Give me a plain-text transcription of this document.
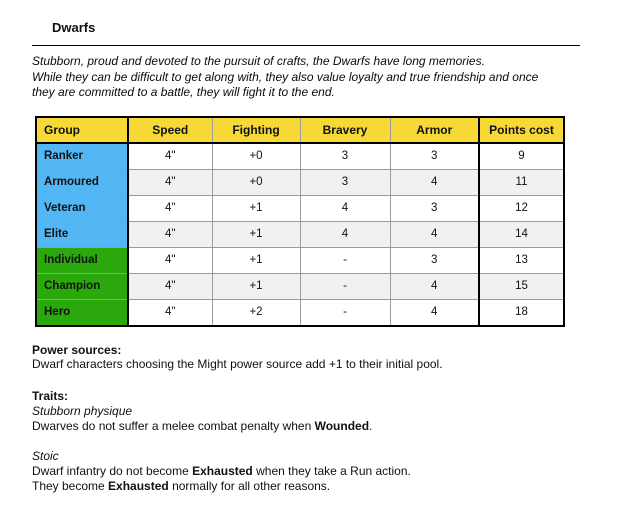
Dwarfs
Stubborn, proud and devoted to the pursuit of crafts, the Dwarfs have long memories.
While they can be difficult to get along with, they also value loyalty and true friendship and once
they are committed to a battle, they will fight it to the end.
Group	Speed	Fighting	Bravery	Armor	Points cost
Ranker	4"	+0	3	3	9
Armoured	4"	+0	3	4	11
Veteran	4"	+1	4	3	12
Elite	4"	+1	4	4	14
Individual	4"	+1	-	3	13
Champion	4"	+1	-	4	15
Hero	4"	+2	-	4	18
Power sources:
Dwarf characters choosing the Might power source add +1 to their initial pool.
Traits:
Stubborn physique
Dwarves do not suffer a melee combat penalty when Wounded.
Stoic
Dwarf infantry do not become Exhausted when they take a Run action.
They become Exhausted normally for all other reasons.
